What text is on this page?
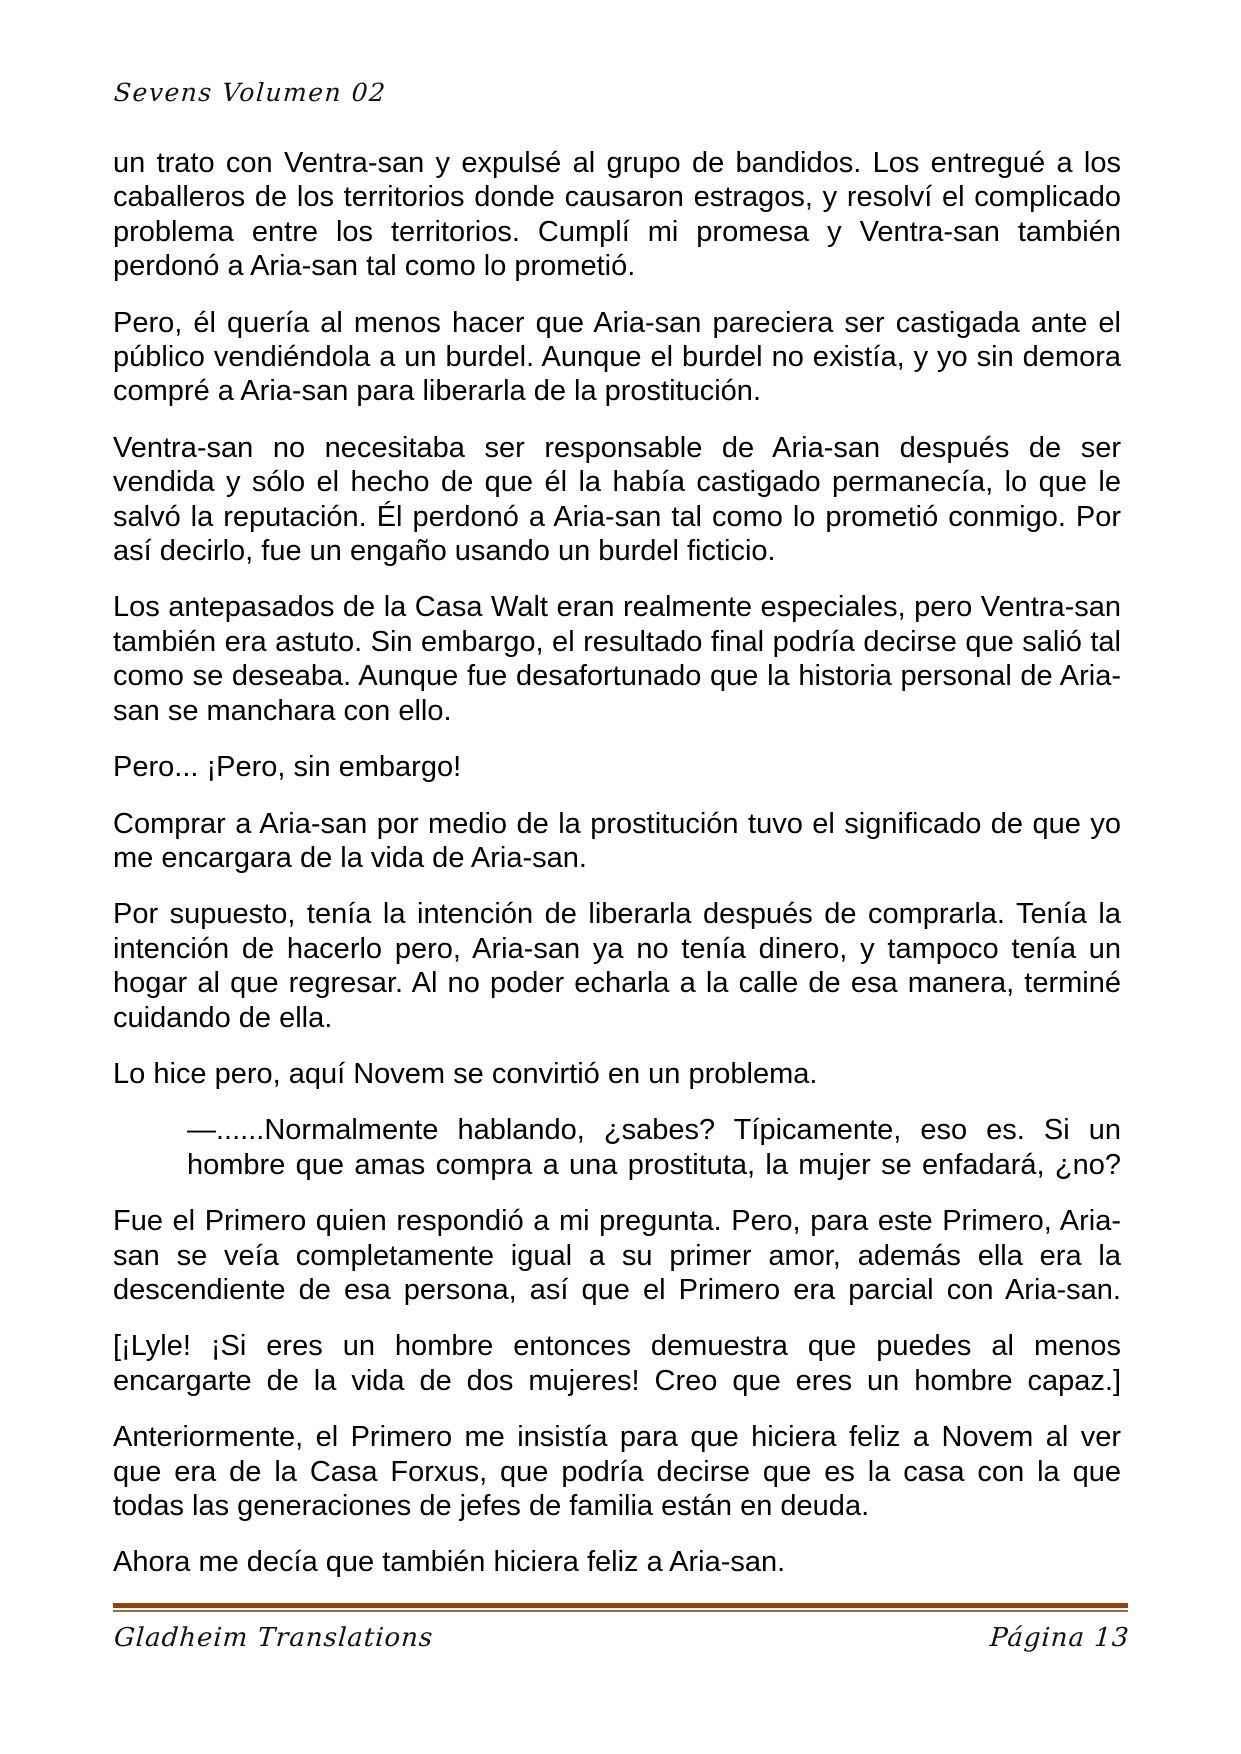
Sevens Volumen 02

un trato con Ventra-san y expulsé al grupo de bandidos. Los entregué a los
caballeros de los territorios donde causaron estragos, y resolví el complicado
problema entre los territorios. Cumplí mi promesa y Ventra-san también
perdonó a Aria-san tal como lo prometió.

Pero, él quería al menos hacer que Aria-san pareciera ser castigada ante el
público vendiéndola a un burdel. Aunque el burdel no existía, y yo sin demora
compré a Aria-san para liberarla de la prostitución.

Ventra-san no necesitaba ser responsable de Aria-san después de ser
vendida y sólo el hecho de que él la había castigado permanecía, lo que le
salvó la reputación. Él perdonó a Aria-san tal como lo prometió conmigo. Por
así decirlo, fue un engaño usando un burdel ficticio.

Los antepasados de la Casa Walt eran realmente especiales, pero Ventra-san
también era astuto. Sin embargo, el resultado final podría decirse que salió tal
como se deseaba. Aunque fue desafortunado que la historia personal de Aria-
san se manchara con ello.

Pero... ¡Pero, sin embargo!

Comprar a Aria-san por medio de la prostitución tuvo el significado de que yo
me encargara de la vida de Aria-san.

Por supuesto, tenía la intención de liberarla después de comprarla. Tenía la
intención de hacerlo pero, Aria-san ya no tenía dinero, y tampoco tenía un
hogar al que regresar. Al no poder echarla a la calle de esa manera, terminé
cuidando de ella.

Lo hice pero, aquí Novem se convirtió en un problema.

—......Normalmente hablando, ¿sabes? Típicamente, eso es. Si un
hombre que amas compra a una prostituta, la mujer se enfadará, ¿no?

Fue el Primero quien respondió a mi pregunta. Pero, para este Primero, Aria-
san se veía completamente igual a su primer amor, además ella era la
descendiente de esa persona, así que el Primero era parcial con Aria-san.

[¡Lyle! ¡Si eres un hombre entonces demuestra que puedes al menos
encargarte de la vida de dos mujeres! Creo que eres un hombre capaz.]

Anteriormente, el Primero me insistía para que hiciera feliz a Novem al ver
que era de la Casa Forxus, que podría decirse que es la casa con la que
todas las generaciones de jefes de familia están en deuda.

Ahora me decía que también hiciera feliz a Aria-san.

Gladheim Translations	Página 13
